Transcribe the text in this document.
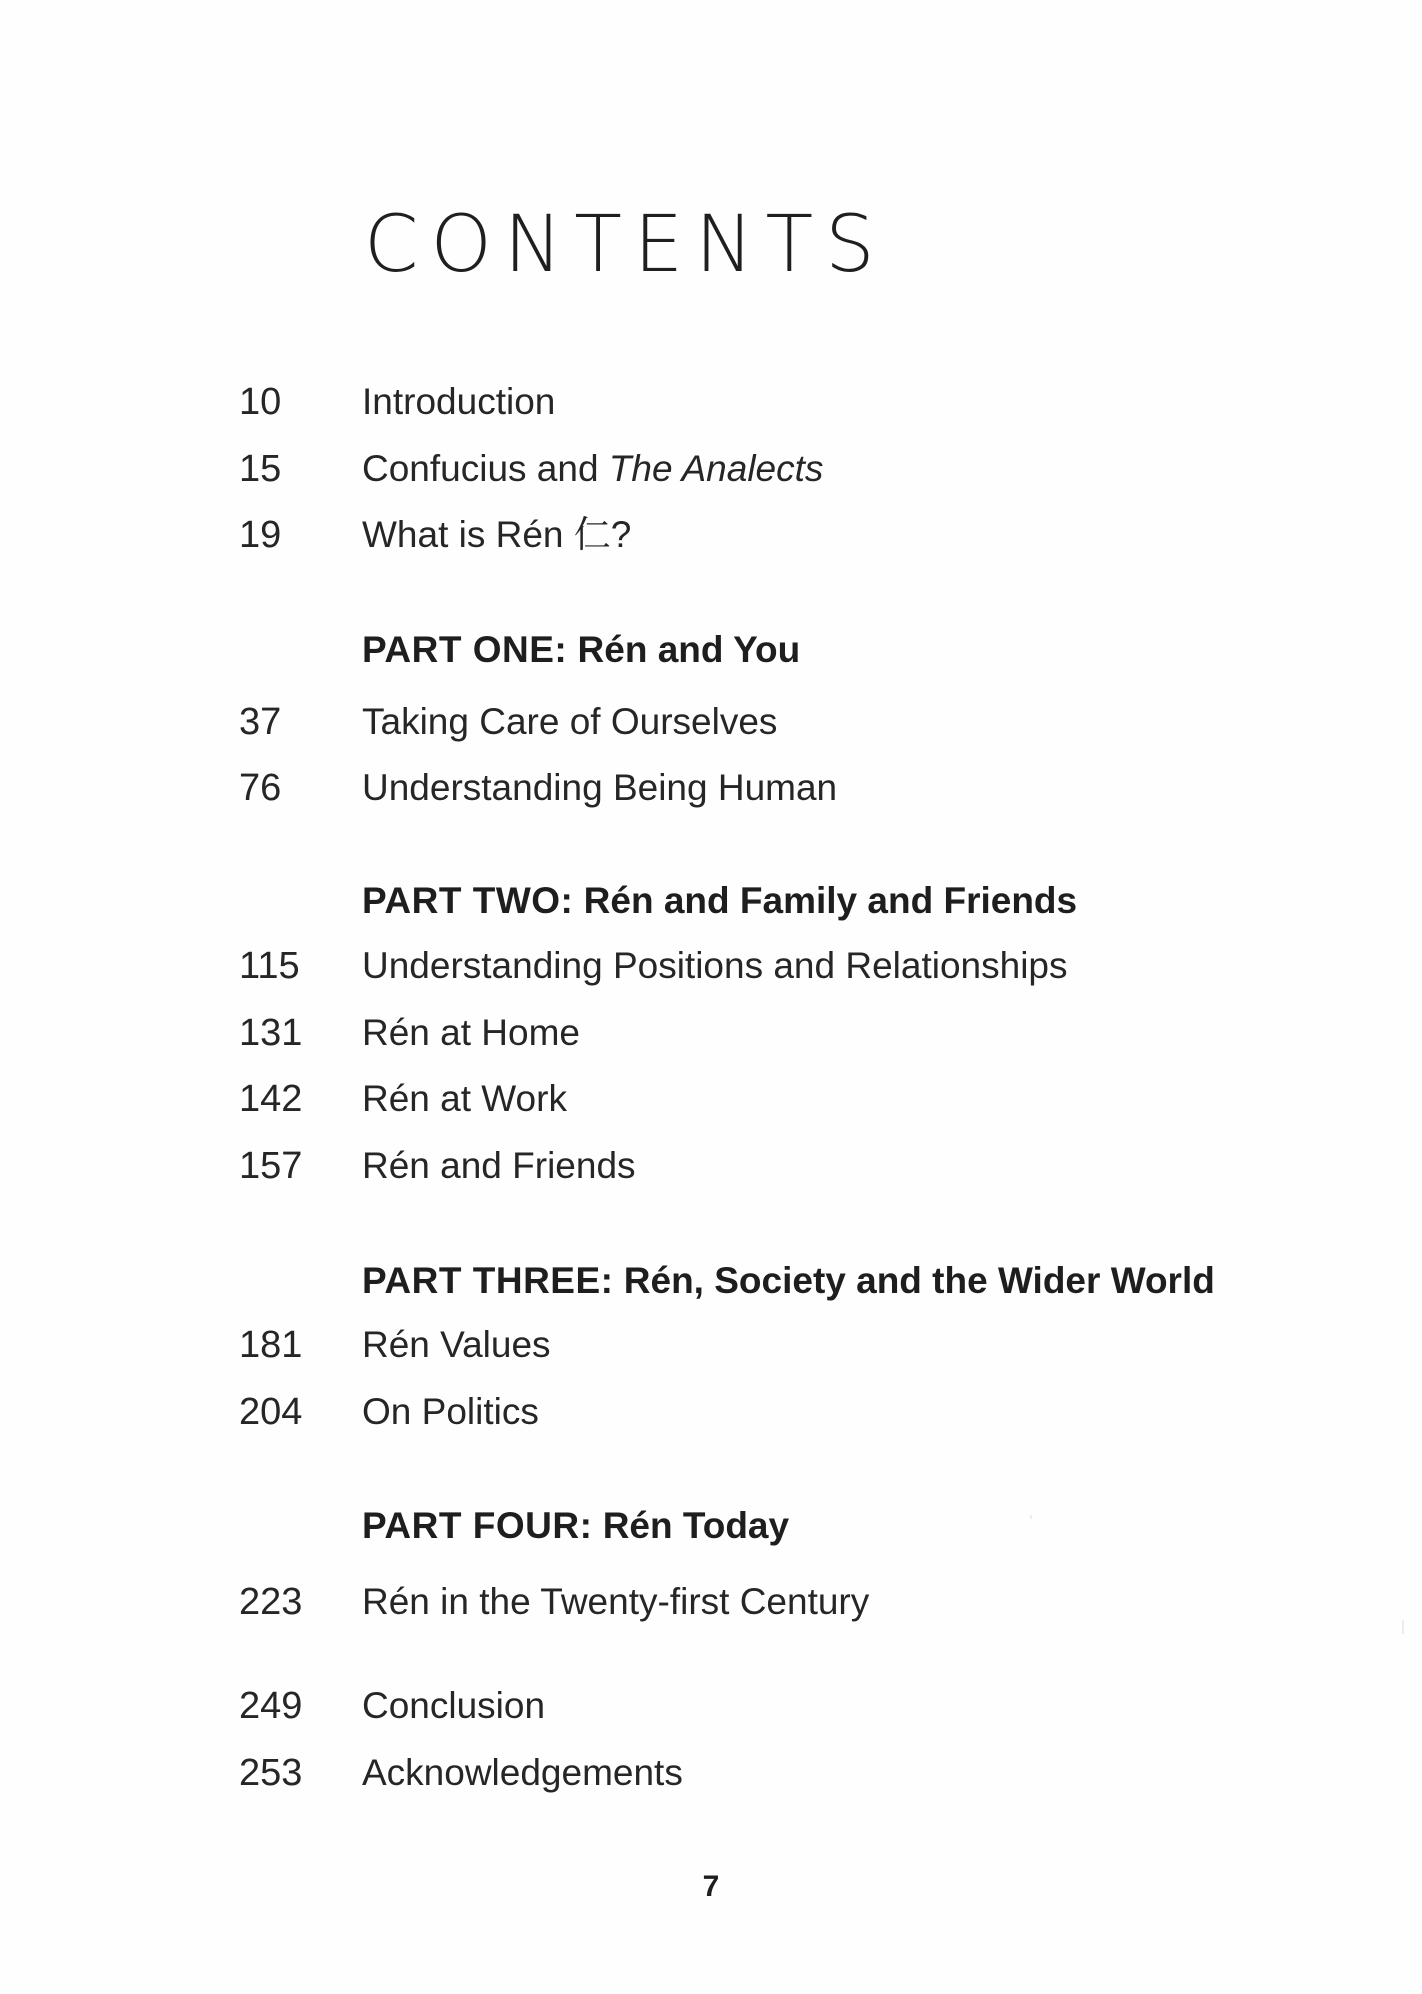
CONTENTS
10 Introduction
15 Confucius and The Analects
19 What is Rén 仁?
PART ONE: Rén and You
37 Taking Care of Ourselves
76 Understanding Being Human
PART TWO: Rén and Family and Friends
115 Understanding Positions and Relationships
131 Rén at Home
142 Rén at Work
157 Rén and Friends
PART THREE: Rén, Society and the Wider World
181 Rén Values
204 On Politics
PART FOUR: Rén Today
223 Rén in the Twenty-first Century
249 Conclusion
253 Acknowledgements
7
